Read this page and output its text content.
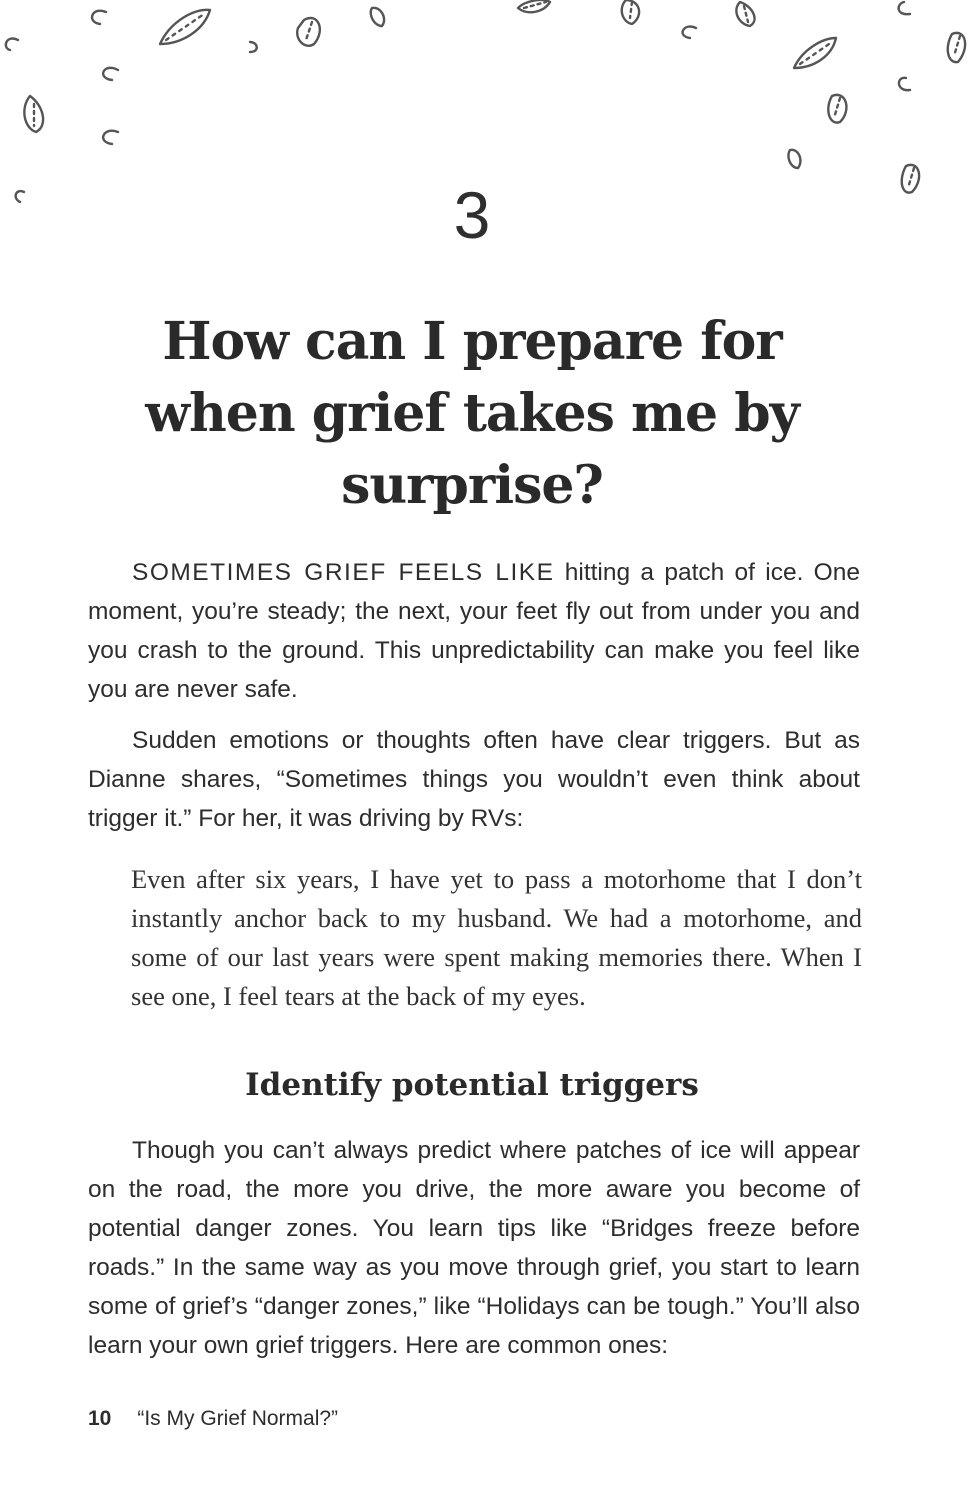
3
How can I prepare for when grief takes me by surprise?

SOMETIMES GRIEF FEELS LIKE hitting a patch of ice. One moment, you’re steady; the next, your feet fly out from under you and you crash to the ground. This unpredictability can make you feel like you are never safe.

Sudden emotions or thoughts often have clear triggers. But as Dianne shares, “Sometimes things you wouldn’t even think about trigger it.” For her, it was driving by RVs:

Even after six years, I have yet to pass a motorhome that I don’t instantly anchor back to my husband. We had a motorhome, and some of our last years were spent making memories there. When I see one, I feel tears at the back of my eyes.
Identify potential triggers

Though you can’t always predict where patches of ice will appear on the road, the more you drive, the more aware you become of potential danger zones. You learn tips like “Bridges freeze before roads.” In the same way as you move through grief, you start to learn some of grief’s “danger zones,” like “Holidays can be tough.” You’ll also learn your own grief triggers. Here are common ones:

10 “Is My Grief Normal?”
